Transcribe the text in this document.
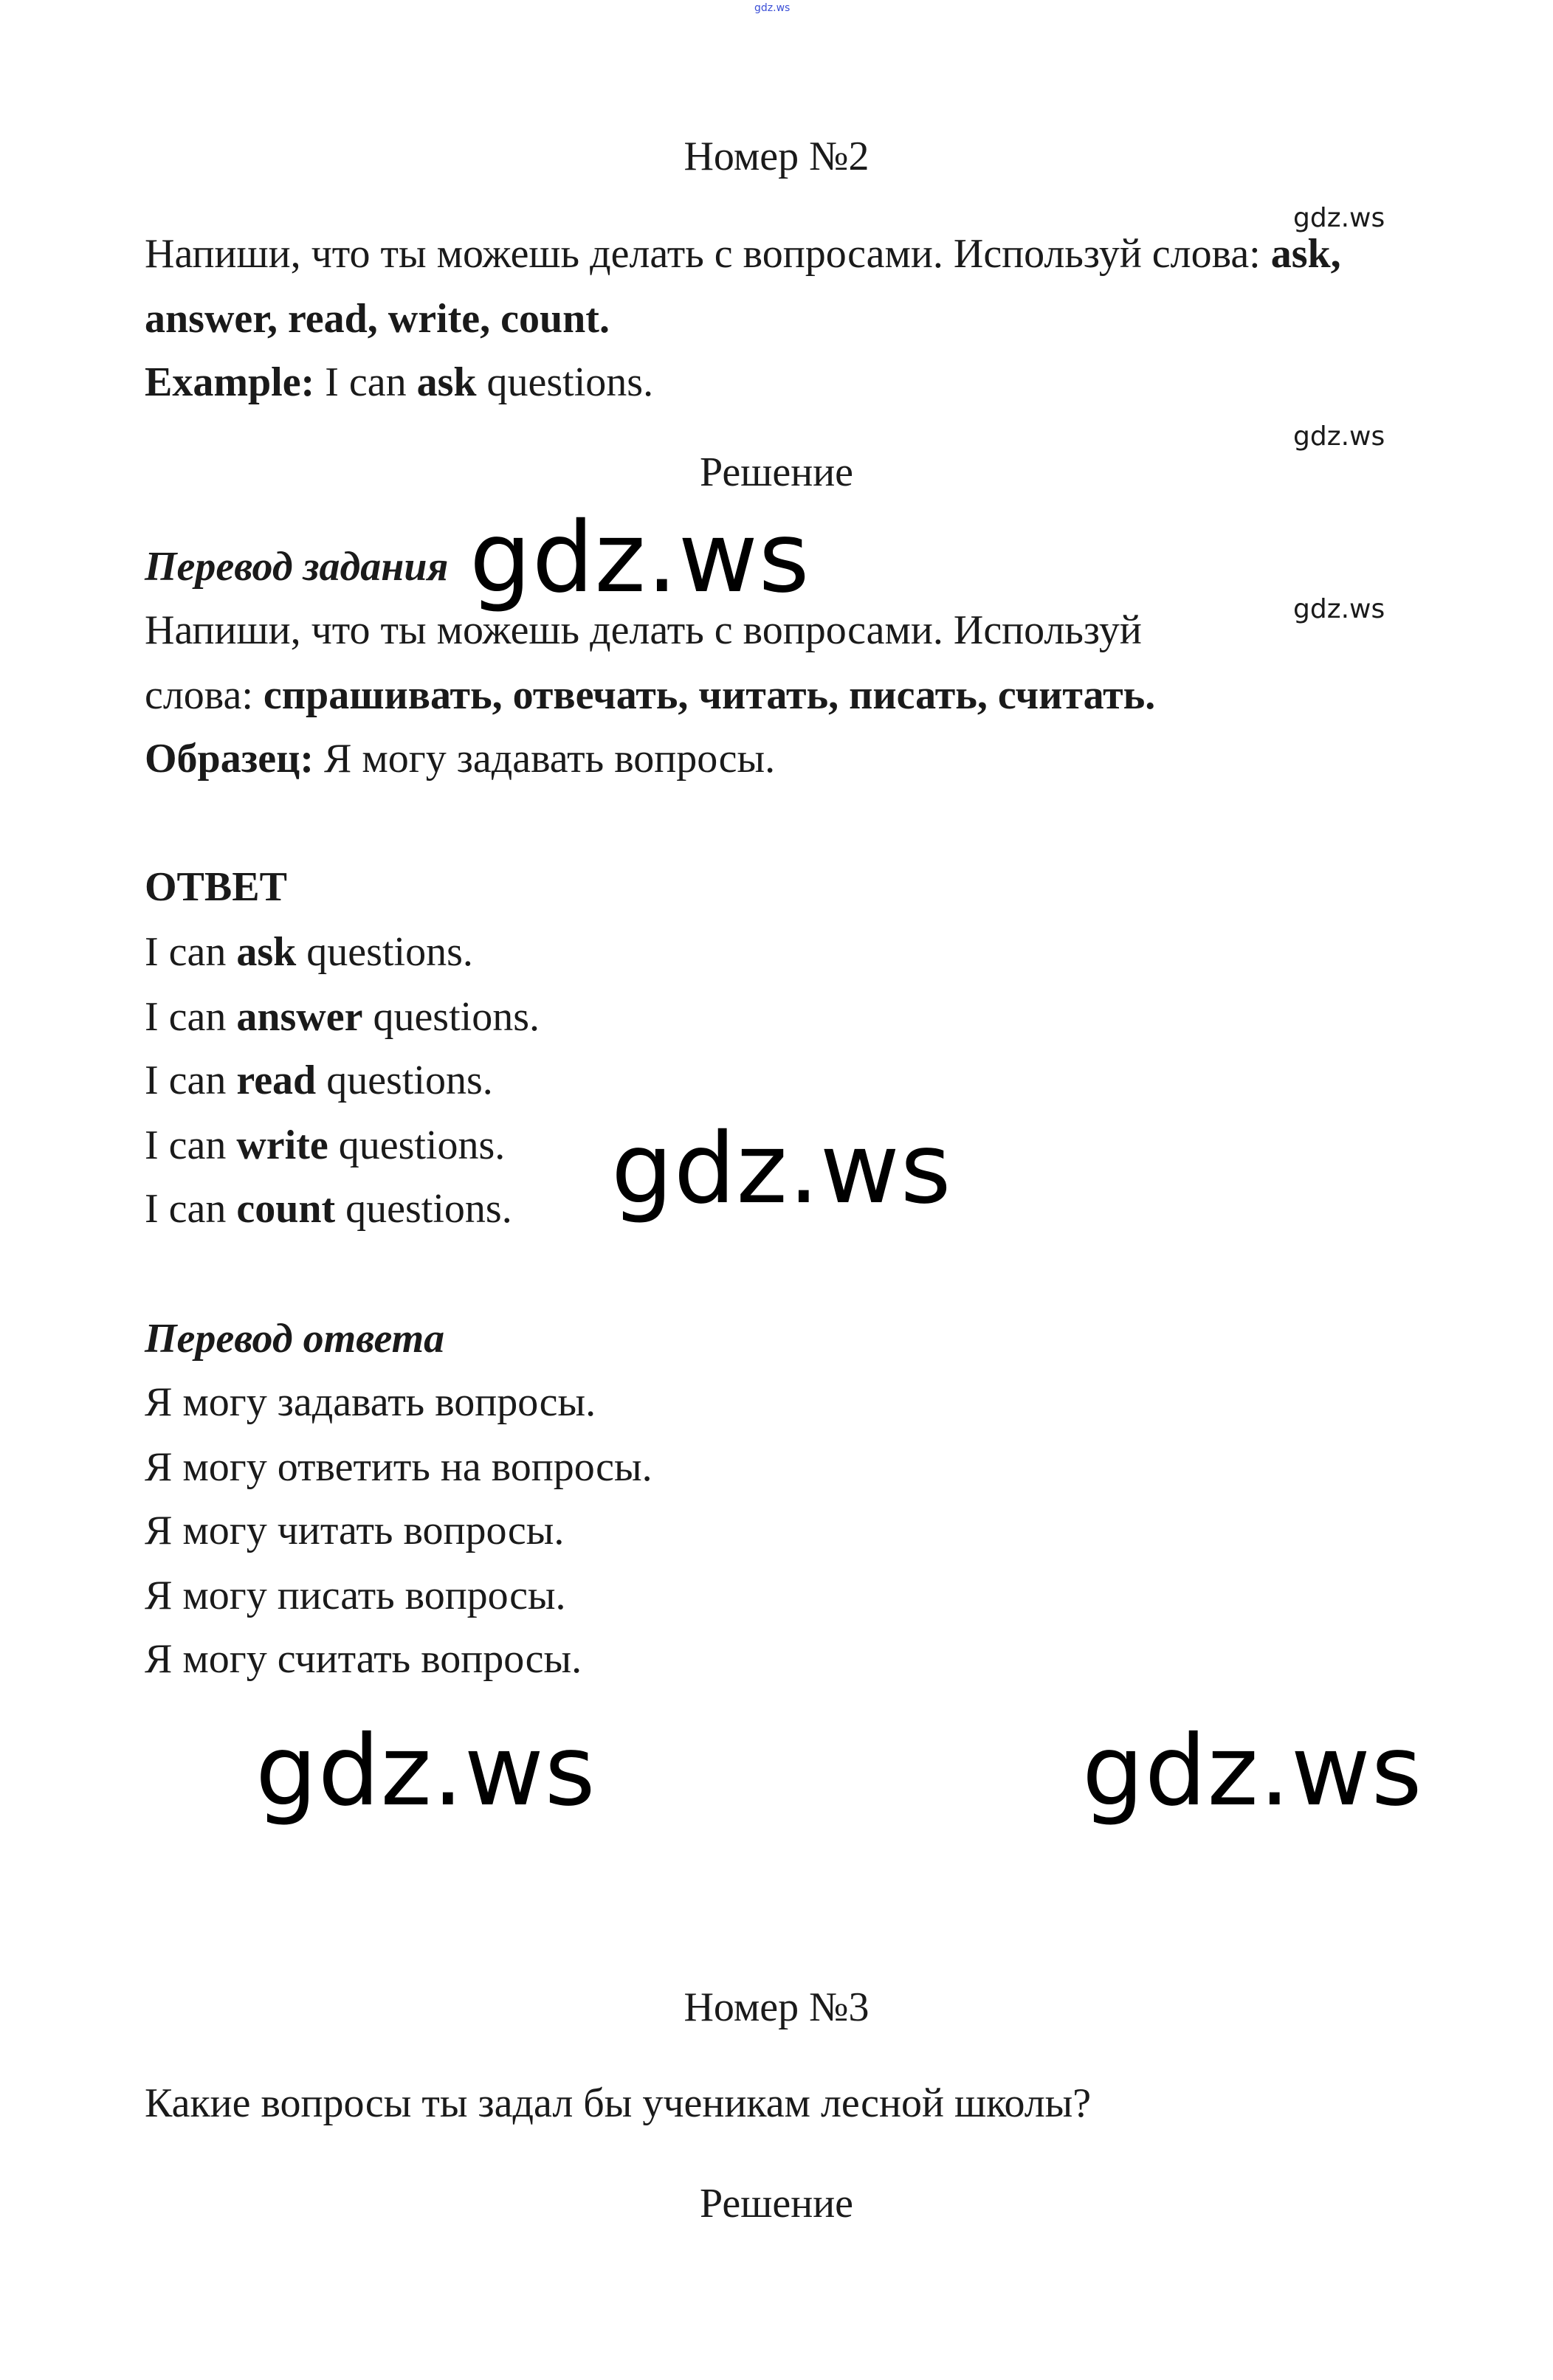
gdz.ws
Номер №2
gdz.ws
Напиши, что ты можешь делать с вопросами. Используй слова: ask,
answer, read, write, count.
Example: I can ask questions.
gdz.ws
Решение
Перевод задания gdz.ws	gdz.ws
Напиши, что ты можешь делать с вопросами. Используй
слова: спрашивать, отвечать, читать, писать, считать.
Образец: Я могу задавать вопросы.
ОТВЕТ
I can ask questions.
I can answer questions.
I can read questions.
I can write questions.
I can count questions. gdz.ws
Перевод ответа
Я могу задавать вопросы.
Я могу ответить на вопросы.
Я могу читать вопросы.
Я могу писать вопросы.
Я могу считать вопросы.
gdz.ws	gdz.ws
Номер №3
Какие вопросы ты задал бы ученикам лесной школы?
Решение
